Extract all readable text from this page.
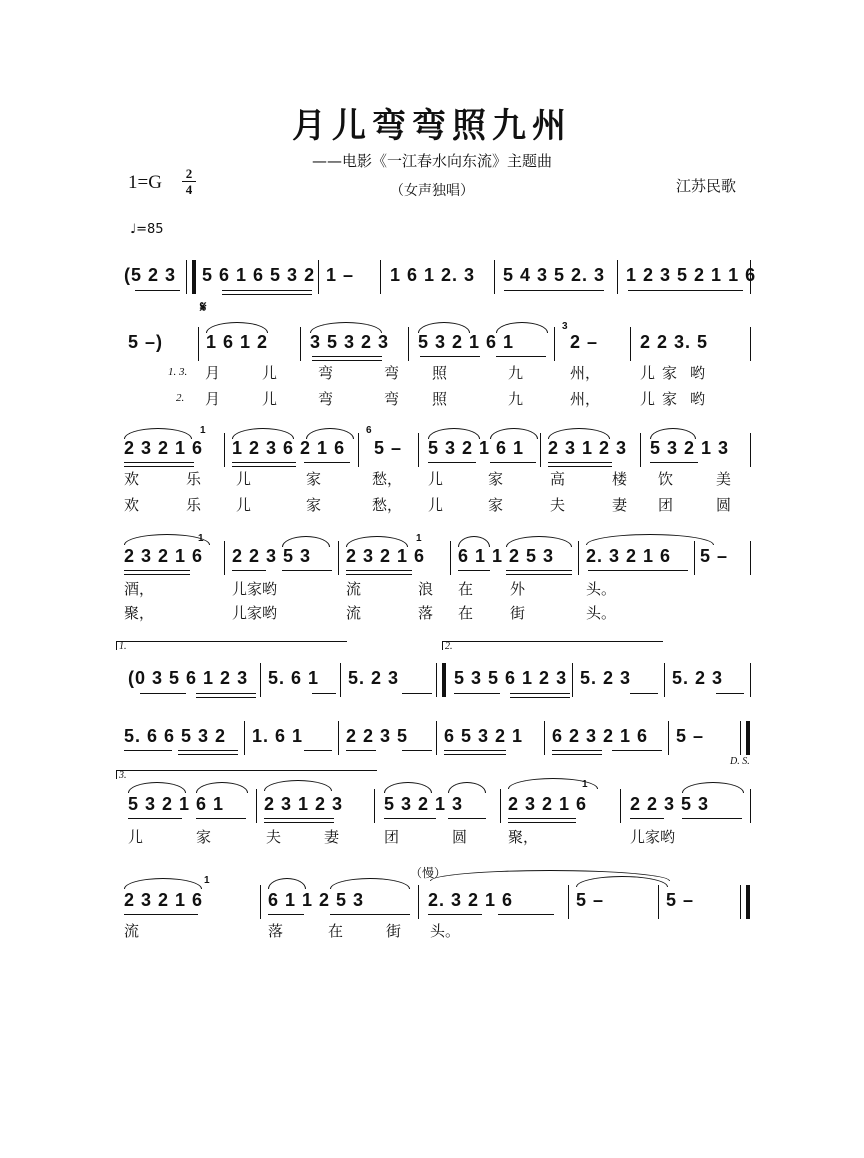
月儿弯弯照九州
——电影《一江春水向东流》主题曲
（女声独唱）
1=G 2
4	江苏民歌
♩=85
(5 2 3 5 6 1 6 5 3 2 1 – 1 6 1 2. 3 5 4 3 5 2. 3 1 2 3 5 2 1 1 6
𝄋
5 –) 1 6 1 2 3 5 3 2 3 5 3 2 1 6 1
3
2 – 2 2 3. 5
1. 3. 月	儿	弯	弯 照	九	州，	儿 家 哟
2. 月	儿	弯	弯 照	九	州，	儿 家 哟
2 3 2 1 6
1
1 2 3 6 2 1 6
6
5 – 5 3 2 1 6 1 2 3 1 2 3 5 3 2 1 3
欢	乐 儿	家	愁， 儿	家	高	楼 饮	美
欢	乐 儿	家	愁， 儿	家	夫	妻 团	圆
2 3 2 1 6
1
2 2 3 5 3 2 3 2 1 6
1
6 1 1 2 5 3 2. 3 2 1 6 5 –
酒，	儿家哟	流	浪 在 外	头。
聚，	儿家哟	流	落 在 街	头。
1.	2.
(0 3 5 6 1 2 3 5. 6 1 5. 2 3	5 3 5 6 1 2 3 5. 2 3 5. 2 3
5. 6 6 5 3 2 1. 6 1 2 2 3 5 6 5 3 2 1 6 2 3 2 1 6 5 –
D. S.
3.
5 3 2 1 6 1 2 3 1 2 3 5 3 2 1 3 2 3 2 1 6
1
2 2 3 5 3
儿	家	夫	妻	团	圆	聚，	儿家哟
（慢）
2 3 2 1 6
1
6 1 1 2 5 3	2. 3 2 1 6	5 –	5 –
流	落	在	街 头。
